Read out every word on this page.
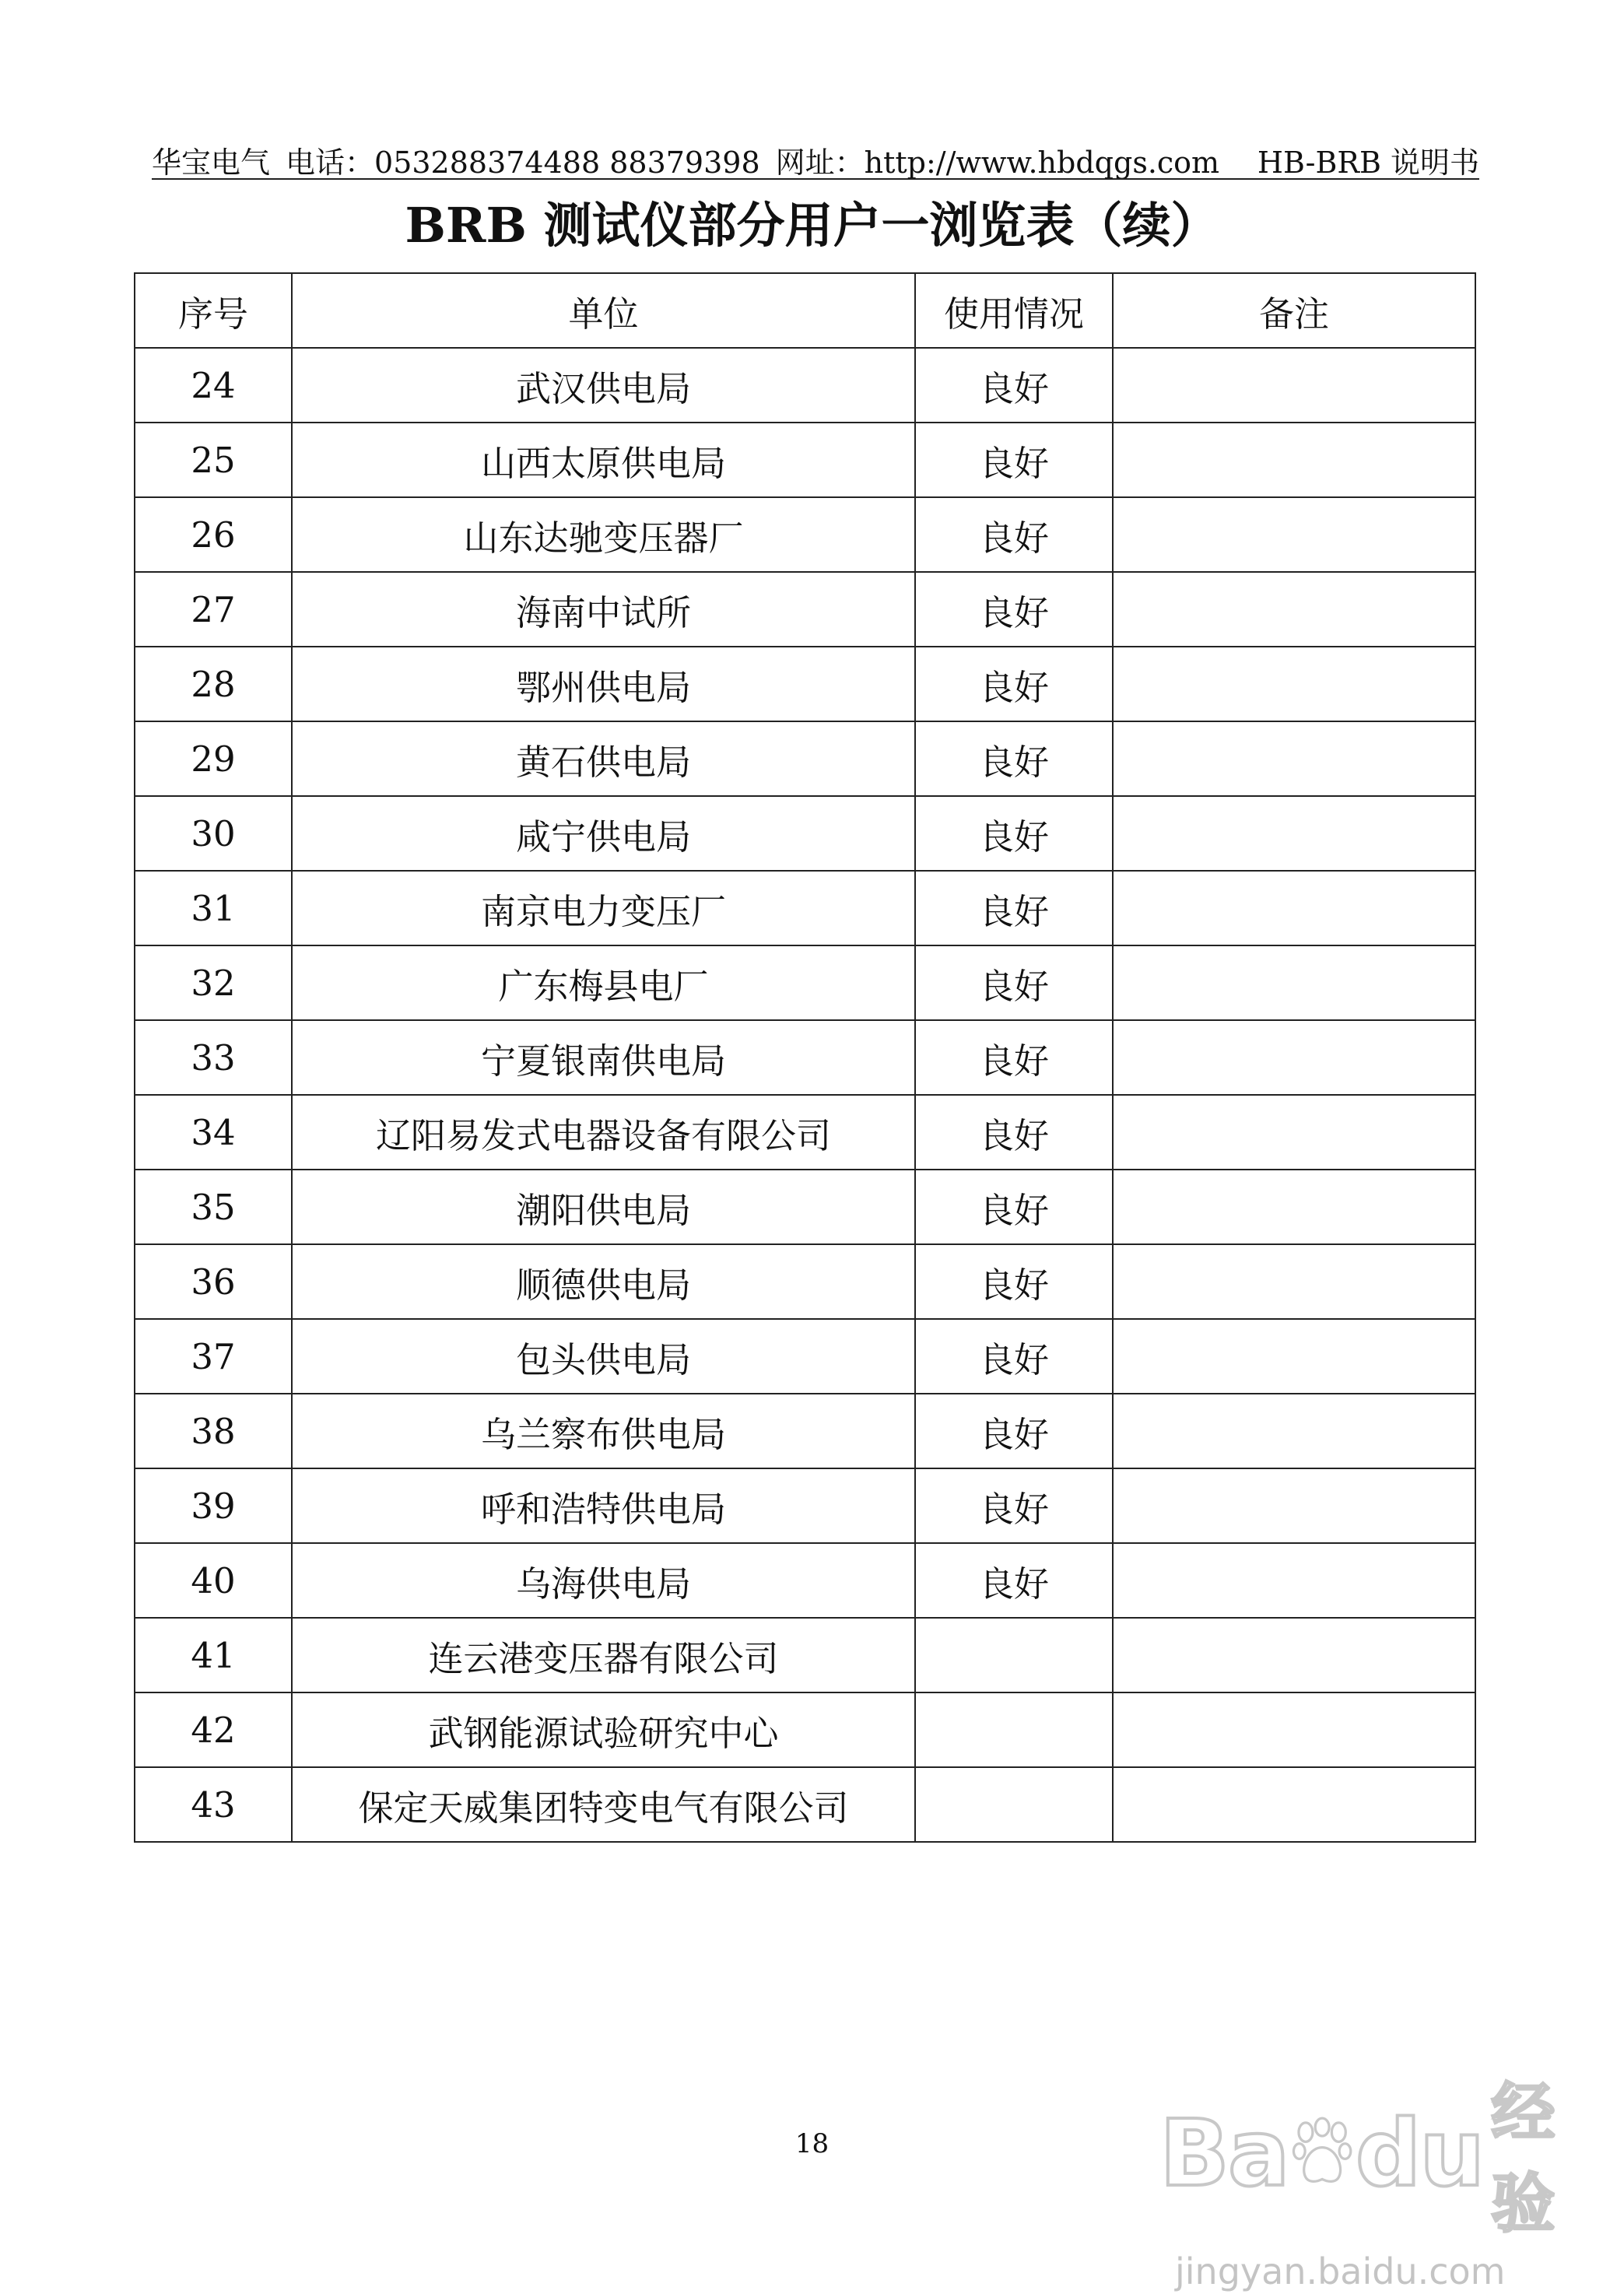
华宝电气 电话：053288374488 88379398 网址：http://www.hbdqgs.com HB-BRB 说明书
BRB 测试仪部分用户一浏览表（续）
序号	单位	使用情况	备注
24	武汉供电局	良好	
25	山西太原供电局	良好	
26	山东达驰变压器厂	良好	
27	海南中试所	良好	
28	鄂州供电局	良好	
29	黄石供电局	良好	
30	咸宁供电局	良好	
31	南京电力变压厂	良好	
32	广东梅县电厂	良好	
33	宁夏银南供电局	良好	
34	辽阳易发式电器设备有限公司	良好	
35	潮阳供电局	良好	
36	顺德供电局	良好	
37	包头供电局	良好	
38	乌兰察布供电局	良好	
39	呼和浩特供电局	良好	
40	乌海供电局	良好	
41	连云港变压器有限公司		
42	武钢能源试验研究中心		
43	保定天威集团特变电气有限公司		
18	Ba du 经验
jingyan.baidu.com
